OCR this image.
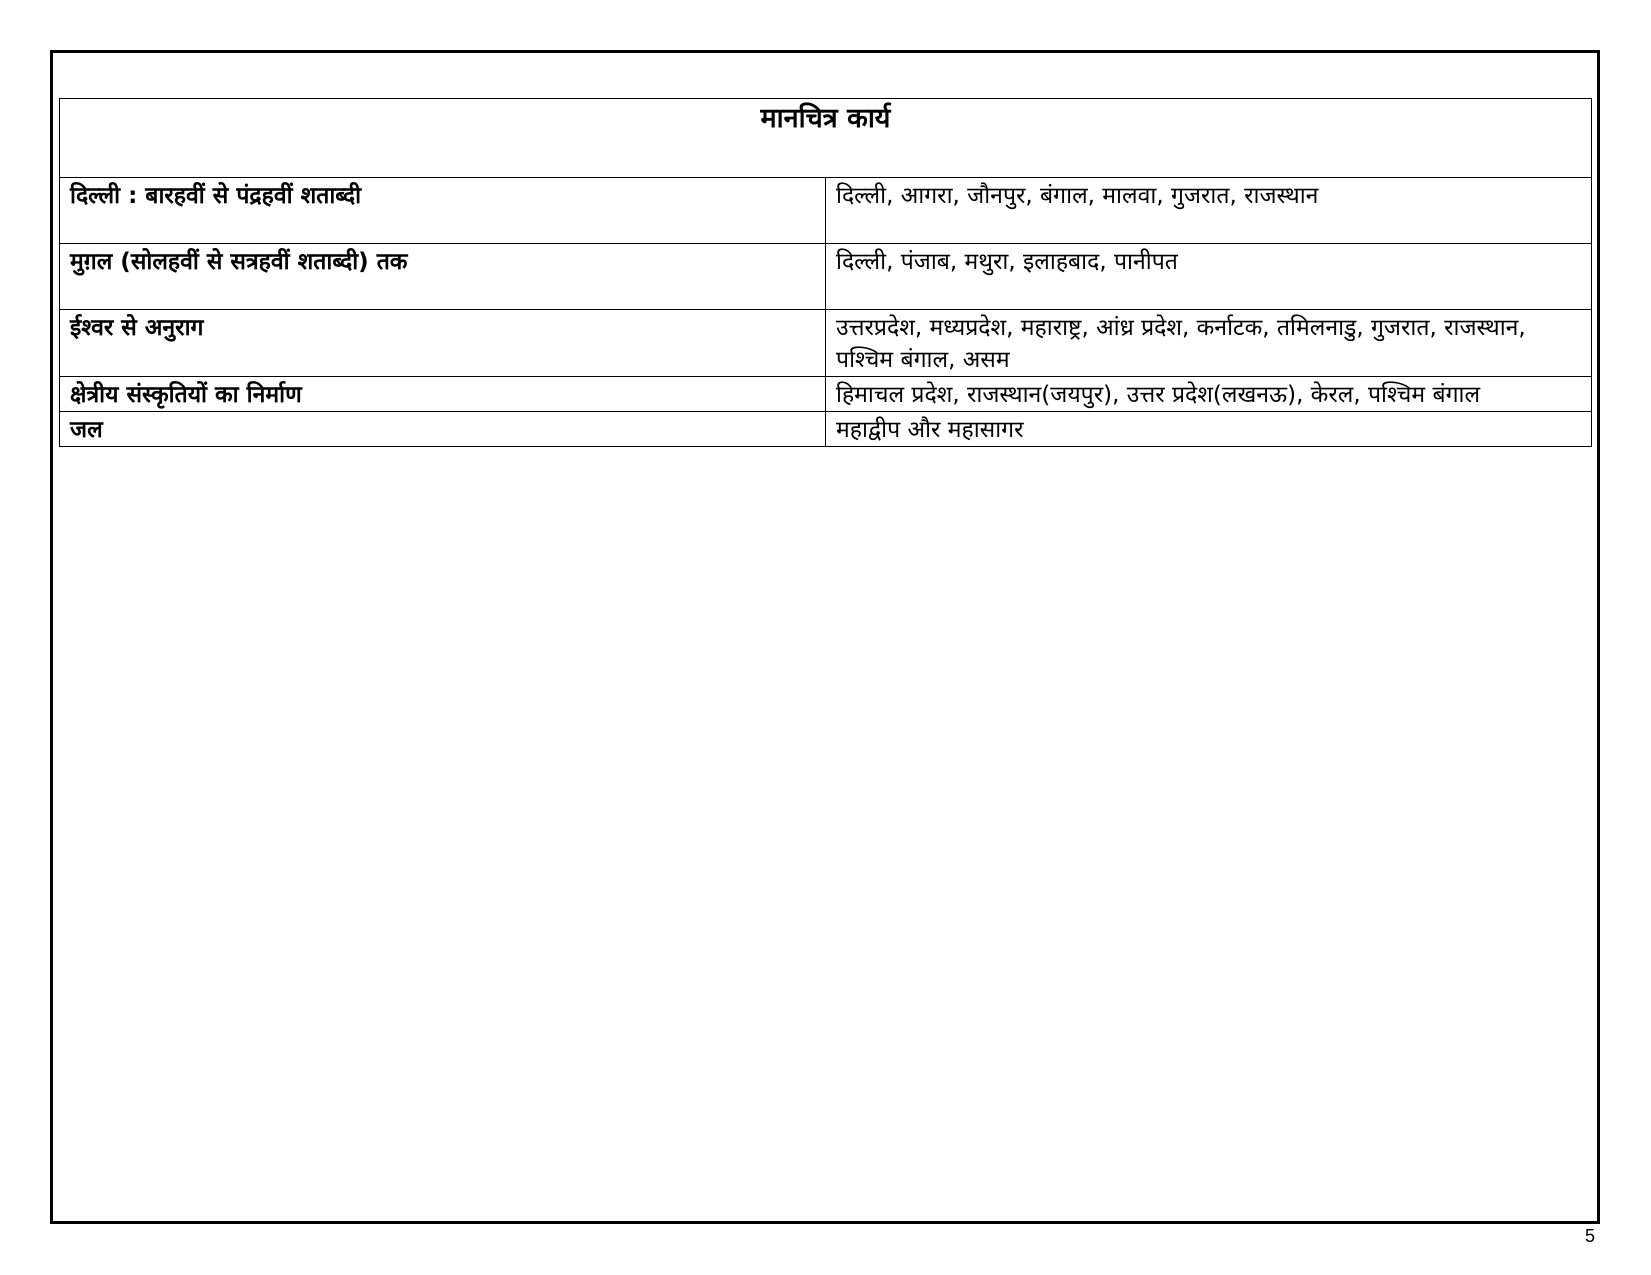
मानचित्र कार्य	
दिल्ली : बारहवीं से पंद्रहवीं शताब्दी	दिल्ली, आगरा, जौनपुर, बंगाल, मालवा, गुजरात, राजस्थान
मुग़ल (सोलहवीं से सत्रहवीं शताब्दी) तक	दिल्ली, पंजाब, मथुरा, इलाहबाद, पानीपत
ईश्वर से अनुराग	उत्तरप्रदेश, मध्यप्रदेश, महाराष्ट्र, आंध्र प्रदेश, कर्नाटक, तमिलनाडु, गुजरात, राजस्थान, पश्चिम बंगाल, असम
क्षेत्रीय संस्कृतियों का निर्माण	हिमाचल प्रदेश, राजस्थान(जयपुर), उत्तर प्रदेश(लखनऊ), केरल, पश्चिम बंगाल
जल	महाद्वीप और महासागर
5
